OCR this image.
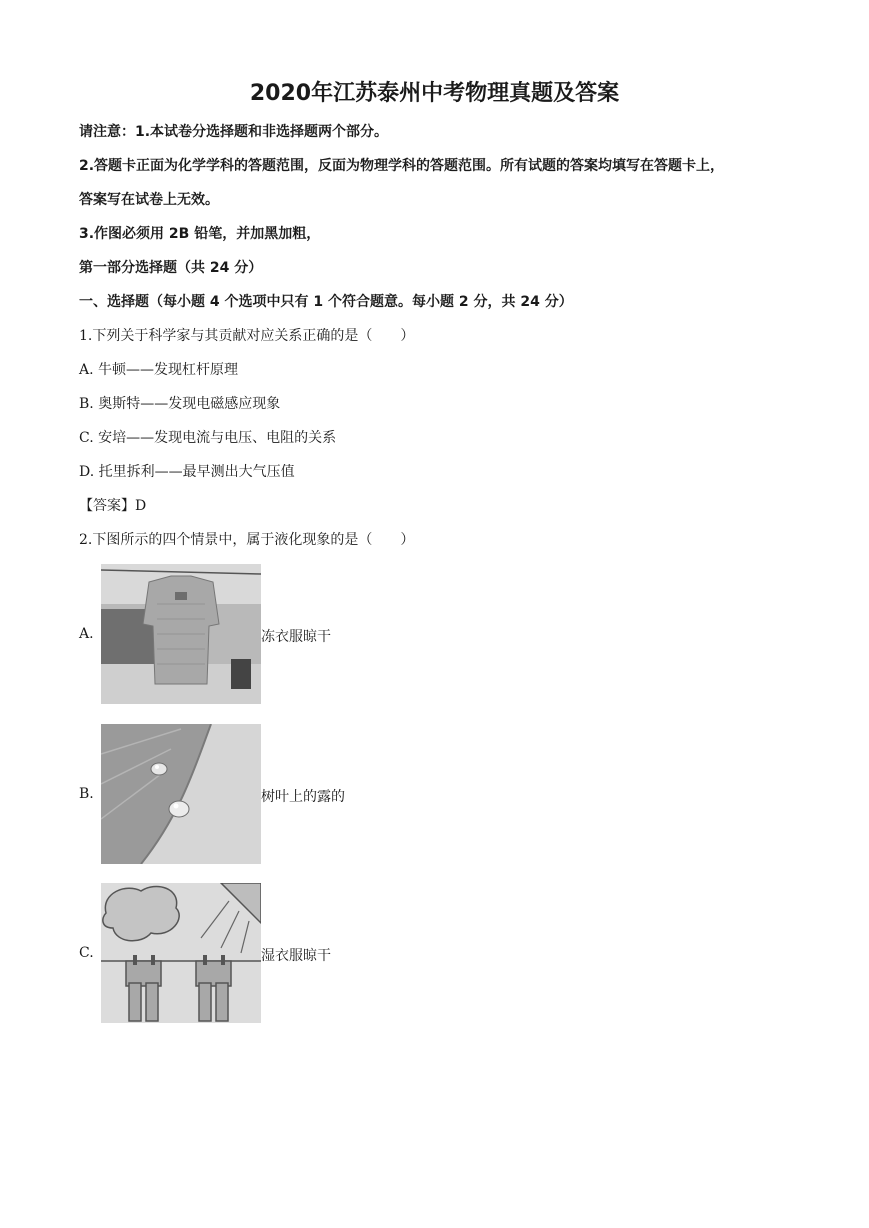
2020年江苏泰州中考物理真题及答案
请注意：1.本试卷分选择题和非选择题两个部分。
2.答题卡正面为化学学科的答题范围，反面为物理学科的答题范围。所有试题的答案均填写在答题卡上，
答案写在试卷上无效。
3.作图必须用 2B 铅笔，并加黑加粗，
第一部分选择题（共 24 分）
一、选择题（每小题 4 个选项中只有 1 个符合题意。每小题 2 分，共 24 分）
1.下列关于科学家与其贡献对应关系正确的是（　　）
A. 牛顿——发现杠杆原理
B. 奥斯特——发现电磁感应现象
C. 安培——发现电流与电压、电阻的关系
D. 托里拆利——最早测出大气压值
【答案】D
2.下图所示的四个情景中，属于液化现象的是（　　）
A.	冻衣服晾干
B.	树叶上的露的
C.	湿衣服晾干
